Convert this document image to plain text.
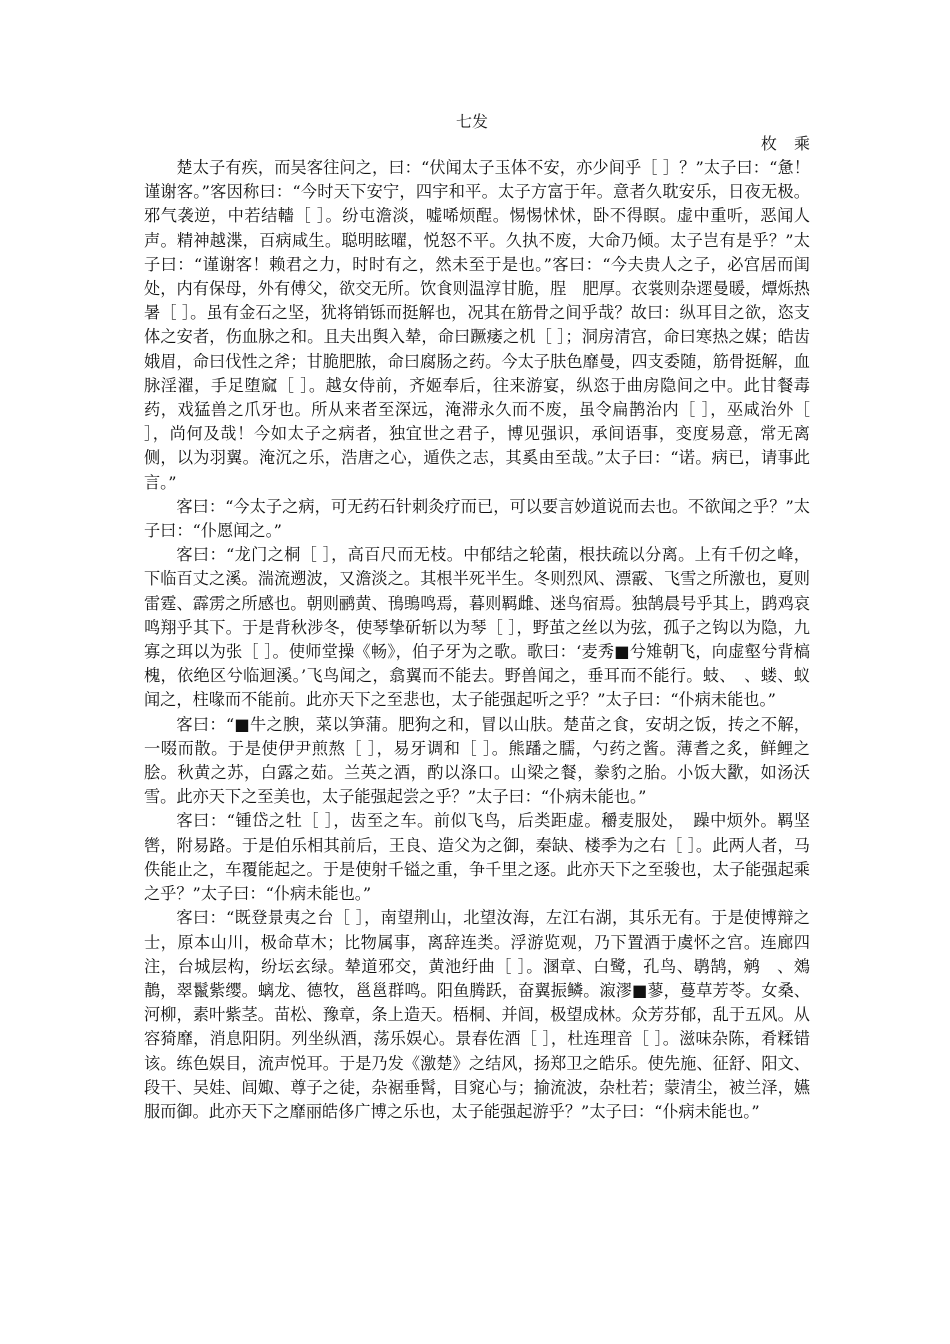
七发
枚 乘

楚太子有疾，而吴客往问之，曰：“伏闻太子玉体不安，亦少间乎［ ］？”太子曰：“惫！谨谢客。”客因称曰：“今时天下安宁，四宇和平。太子方富于年。意者久耽安乐，日夜无极。邪气袭逆，中若结轖［ ］。纷屯澹淡，嘘唏烦酲。惕惕怵怵，卧不得瞑。虚中重听，恶闻人声。精神越渫，百病咸生。聪明眩曜，悦怒不平。久执不废，大命乃倾。太子岂有是乎？”太子曰：“谨谢客！赖君之力，时时有之，然未至于是也。”客曰：“今夫贵人之子，必宫居而闺处，内有保母，外有傅父，欲交无所。饮食则温淳甘脆，脭　肥厚。衣裳则杂遝曼暖，燂烁热暑［ ］。虽有金石之坚，犹将销铄而挺解也，况其在筋骨之间乎哉？故曰：纵耳目之欲，恣支体之安者，伤血脉之和。且夫出舆入辇，命曰蹶痿之机［ ］；洞房清宫，命曰寒热之媒；皓齿娥眉，命曰伐性之斧；甘脆肥脓，命曰腐肠之药。今太子肤色靡曼，四支委随，筋骨挺解，血脉淫濯，手足堕窳［ ］。越女侍前，齐姬奉后，往来游宴，纵恣于曲房隐间之中。此甘餐毒药，戏猛兽之爪牙也。所从来者至深远，淹滞永久而不废，虽令扁鹊治内［ ］，巫咸治外［ ］，尚何及哉！今如太子之病者，独宜世之君子，博见强识，承间语事，变度易意，常无离侧，以为羽翼。淹沉之乐，浩唐之心，遁佚之志，其奚由至哉。”太子曰：“诺。病已，请事此言。”

客曰：“今太子之病，可无药石针刺灸疗而已，可以要言妙道说而去也。不欲闻之乎？”太子曰：“仆愿闻之。”

客曰：“龙门之桐［ ］，高百尺而无枝。中郁结之轮菌，根扶疏以分离。上有千仞之峰，下临百丈之溪。湍流遡波，又澹淡之。其根半死半生。冬则烈风、漂霰、飞雪之所激也，夏则雷霆、霹雳之所感也。朝则鹂黄、鳱鴠鸣焉，暮则羁雌、迷鸟宿焉。独鹄晨号乎其上，鹍鸡哀鸣翔乎其下。于是背秋涉冬，使琴挚斫斩以为琴［ ］，野茧之丝以为弦，孤子之钩以为隐，九寡之珥以为张［ ］。使师堂操《畅》，伯子牙为之歌。歌曰：‘麦秀■兮雉朝飞，向虚壑兮背槁槐，依绝区兮临迴溪。’飞鸟闻之，翕翼而不能去。野兽闻之，垂耳而不能行。蚑、　、蝼、蚁闻之，柱喙而不能前。此亦天下之至悲也，太子能强起听之乎？”太子曰：“仆病未能也。”

客曰：“■牛之腴，菜以笋蒲。肥狗之和，冒以山肤。楚苗之食，安胡之饭，抟之不解，一啜而散。于是使伊尹煎熬［ ］，易牙调和［ ］。熊蹯之臑，勺药之酱。薄耆之炙，鲜鲤之脍。秋黄之苏，白露之茹。兰英之酒，酌以涤口。山梁之餐，豢豹之胎。小饭大歠，如汤沃雪。此亦天下之至美也，太子能强起尝之乎？”太子曰：“仆病未能也。”

客曰：“锺岱之牡［ ］，齿至之车。前似飞鸟，后类距虚。穱麦服处，　躁中烦外。羁坚辔，附易路。于是伯乐相其前后，王良、造父为之御，秦缺、楼季为之右［ ］。此两人者，马佚能止之，车覆能起之。于是使射千镒之重，争千里之逐。此亦天下之至骏也，太子能强起乘之乎？”太子曰：“仆病未能也。”

客曰：“既登景夷之台［ ］，南望荆山，北望汝海，左江右湖，其乐无有。于是使博辩之士，原本山川，极命草木；比物属事，离辞连类。浮游览观，乃下置酒于虞怀之宫。连廊四注，台城层构，纷坛玄绿。辇道邪交，黄池纡曲［ ］。溷章、白鹭，孔鸟、鹖鹄，鹓　、鵁鶄，翠鬣紫缨。螭龙、德牧，邕邕群鸣。阳鱼腾跃，奋翼振鳞。漃漻■蓼，蔓草芳苓。女桑、河柳，素叶紫茎。苗松、豫章，条上造天。梧桐、并闾，极望成林。众芳芬郁，乱于五风。从容猗靡，消息阳阴。列坐纵酒，荡乐娱心。景春佐酒［ ］，杜连理音［ ］。滋味杂陈，肴糅错该。练色娱目，流声悦耳。于是乃发《激楚》之结风，扬郑卫之皓乐。使先施、征舒、阳文、段干、吴娃、闾娵、尊子之徒，杂裾垂髾，目窕心与；揄流波，杂杜若；蒙清尘，被兰泽，嬿服而御。此亦天下之靡丽皓侈广博之乐也，太子能强起游乎？”太子曰：“仆病未能也。”
